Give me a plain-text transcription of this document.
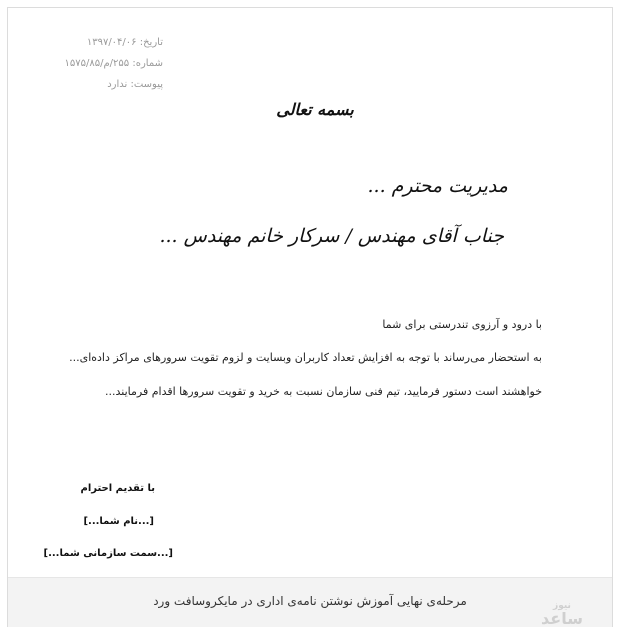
تاریخ: ۱۳۹۷/۰۴/۰۶
شماره: ۲۵۵/م/۱۵۷۵/۸۵
پیوست: ندارد
بسمه تعالی
مدیریت محترم ...
جناب آقای مهندس / سرکار خانم مهندس ...
با درود و آرزوی تندرستی برای شما
به استحضار می‌رساند با توجه به افزایش تعداد کاربران وبسایت و لزوم تقویت سرورهای مراکز داده‌ای...
خواهشند است دستور فرمایید، تیم فنی سازمان نسبت به خرید و تقویت سرورها اقدام فرمایند...
با تقدیم احترام
[...نام شما...]
[...سمت سازمانی شما...]
مرحله‌ی نهایی آموزش نوشتن نامه‌ی اداری در مایکروسافت ورد	نیوز
ساعد
